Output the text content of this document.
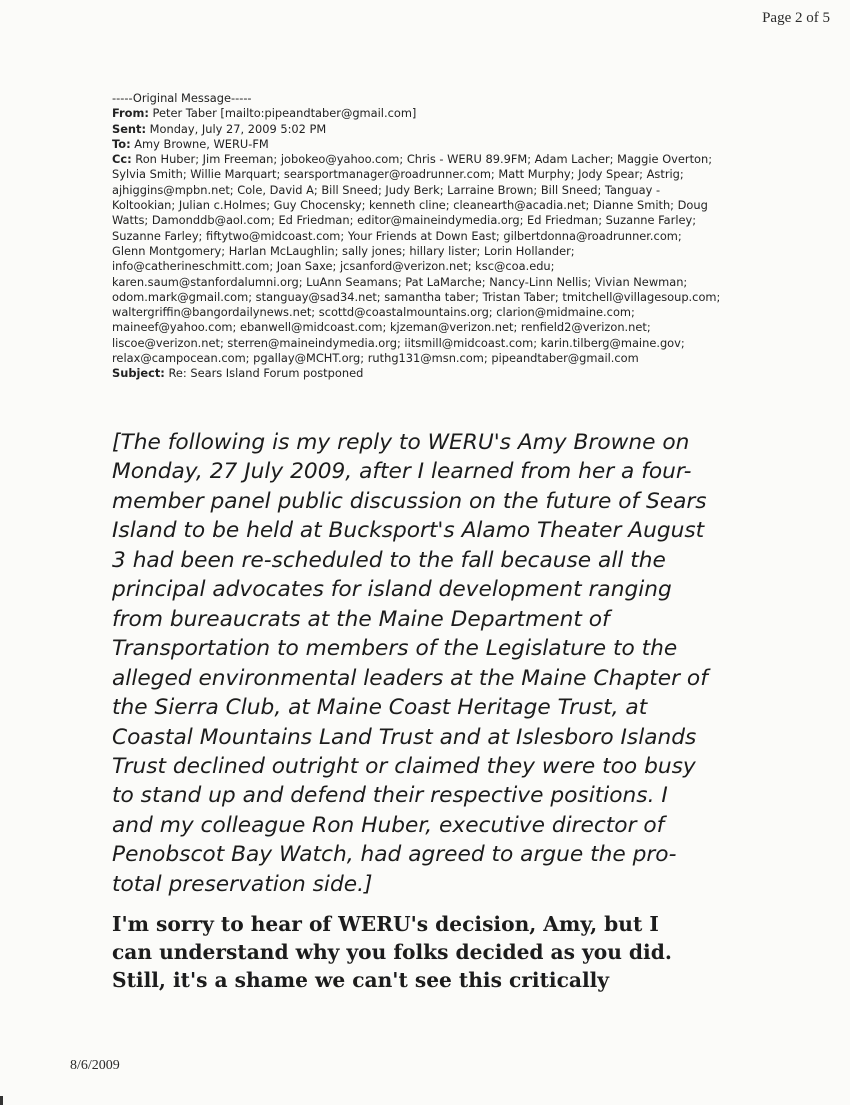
Page 2 of 5
-----Original Message-----
From: Peter Taber [mailto:pipeandtaber@gmail.com]
Sent: Monday, July 27, 2009 5:02 PM
To: Amy Browne, WERU-FM
Cc: Ron Huber; Jim Freeman; jobokeo@yahoo.com; Chris - WERU 89.9FM; Adam Lacher; Maggie Overton;
Sylvia Smith; Willie Marquart; searsportmanager@roadrunner.com; Matt Murphy; Jody Spear; Astrig;
ajhiggins@mpbn.net; Cole, David A; Bill Sneed; Judy Berk; Larraine Brown; Bill Sneed; Tanguay -
Koltookian; Julian c.Holmes; Guy Chocensky; kenneth cline; cleanearth@acadia.net; Dianne Smith; Doug
Watts; Damonddb@aol.com; Ed Friedman; editor@maineindymedia.org; Ed Friedman; Suzanne Farley;
Suzanne Farley; fiftytwo@midcoast.com; Your Friends at Down East; gilbertdonna@roadrunner.com;
Glenn Montgomery; Harlan McLaughlin; sally jones; hillary lister; Lorin Hollander;
info@catherineschmitt.com; Joan Saxe; jcsanford@verizon.net; ksc@coa.edu;
karen.saum@stanfordalumni.org; LuAnn Seamans; Pat LaMarche; Nancy-Linn Nellis; Vivian Newman;
odom.mark@gmail.com; stanguay@sad34.net; samantha taber; Tristan Taber; tmitchell@villagesoup.com;
waltergriffin@bangordailynews.net; scottd@coastalmountains.org; clarion@midmaine.com;
maineef@yahoo.com; ebanwell@midcoast.com; kjzeman@verizon.net; renfield2@verizon.net;
liscoe@verizon.net; sterren@maineindymedia.org; iitsmill@midcoast.com; karin.tilberg@maine.gov;
relax@campocean.com; pgallay@MCHT.org; ruthg131@msn.com; pipeandtaber@gmail.com
Subject: Re: Sears Island Forum postponed
[The following is my reply to WERU's Amy Browne on
Monday, 27 July 2009, after I learned from her a four-
member panel public discussion on the future of Sears
Island to be held at Bucksport's Alamo Theater August
3 had been re-scheduled to the fall because all the
principal advocates for island development ranging
from bureaucrats at the Maine Department of
Transportation to members of the Legislature to the
alleged environmental leaders at the Maine Chapter of
the Sierra Club, at Maine Coast Heritage Trust, at
Coastal Mountains Land Trust and at Islesboro Islands
Trust declined outright or claimed they were too busy
to stand up and defend their respective positions. I
and my colleague Ron Huber, executive director of
Penobscot Bay Watch, had agreed to argue the pro-
total preservation side.]
I'm sorry to hear of WERU's decision, Amy, but I
can understand why you folks decided as you did.
Still, it's a shame we can't see this critically
8/6/2009
